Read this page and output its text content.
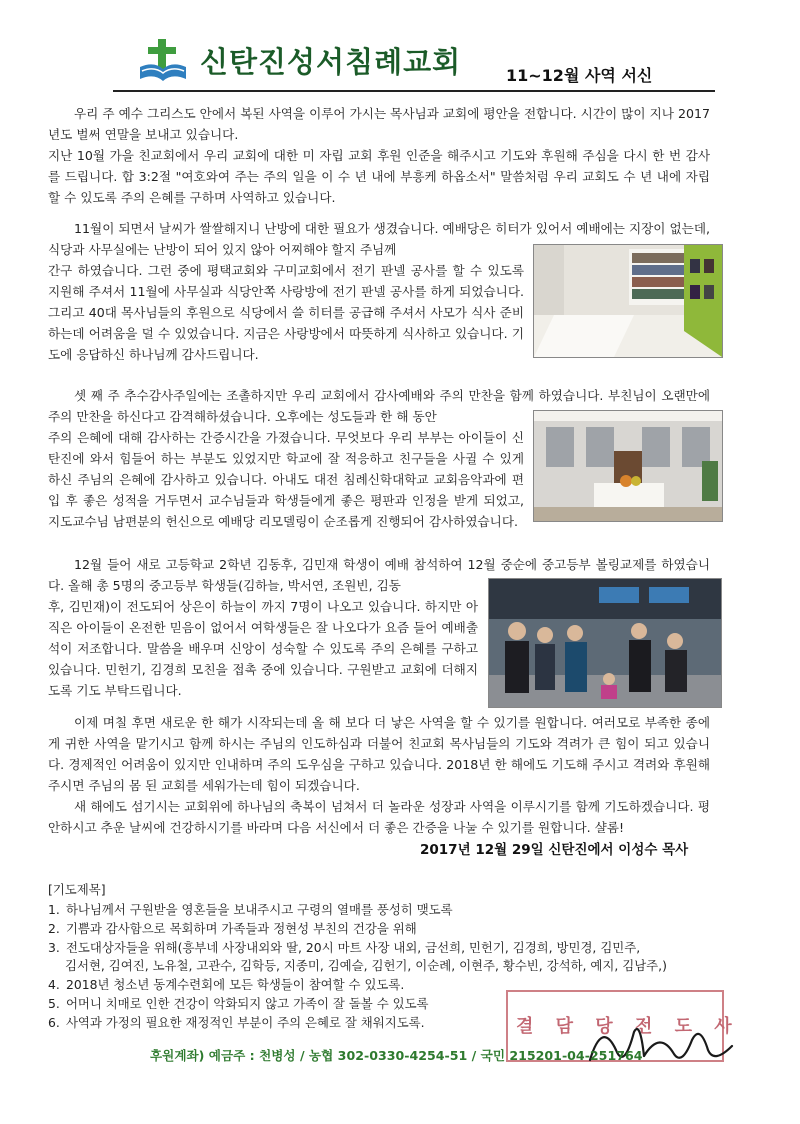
신탄진성서침례교회	11~12월 사역 서신

우리 주 예수 그리스도 안에서 복된 사역을 이루어 가시는 목사님과 교회에 평안을 전합니다. 시간이 많이 지나 2017년도 벌써 연말을 보내고 있습니다.

지난 10월 가을 친교회에서 우리 교회에 대한 미 자립 교회 후원 인준을 해주시고 기도와 후원해 주심을 다시 한 번 감사를 드립니다. 합 3:2절 "여호와여 주는 주의 일을 이 수 년 내에 부흥케 하옵소서" 말씀처럼 우리 교회도 수 년 내에 자립할 수 있도록 주의 은혜를 구하며 사역하고 있습니다.

11월이 되면서 날씨가 쌀쌀해지니 난방에 대한 필요가 생겼습니다. 예배당은 히터가 있어서 예배에는 지장이 없는데, 식당과 사무실에는 난방이 되어 있지 않아 어찌해야 할지 주님께

간구 하였습니다. 그런 중에 평택교회와 구미교회에서 전기 판넬 공사를 할 수 있도록 지원해 주셔서 11월에 사무실과 식당안쪽 사랑방에 전기 판넬 공사를 하게 되었습니다. 그리고 40대 목사님들의 후원으로 식당에서 쓸 히터를 공급해 주셔서 사모가 식사 준비하는데 어려움을 덜 수 있었습니다. 지금은 사랑방에서 따뜻하게 식사하고 있습니다. 기도에 응답하신 하나님께 감사드립니다.

셋 째 주 추수감사주일에는 조촐하지만 우리 교회에서 감사예배와 주의 만찬을 함께 하였습니다. 부친님이 오랜만에 주의 만찬을 하신다고 감격해하셨습니다. 오후에는 성도들과 한 해 동안

주의 은혜에 대해 감사하는 간증시간을 가졌습니다. 무엇보다 우리 부부는 아이들이 신탄진에 와서 힘들어 하는 부분도 있었지만 학교에 잘 적응하고 친구들을 사귈 수 있게 하신 주님의 은혜에 감사하고 있습니다. 아내도 대전 침례신학대학교 교회음악과에 편입 후 좋은 성적을 거두면서 교수님들과 학생들에게 좋은 평판과 인정을 받게 되었고, 지도교수님 남편분의 헌신으로 예배당 리모델링이 순조롭게 진행되어 감사하였습니다.

12월 들어 새로 고등학교 2학년 김동후, 김민재 학생이 예배 참석하여 12월 중순에 중고등부 볼링교제를 하였습니다. 올해 총 5명의 중고등부 학생들(김하늘, 박서연, 조원빈, 김동

후, 김민재)이 전도되어 상은이 하늘이 까지 7명이 나오고 있습니다. 하지만 아직은 아이들이 온전한 믿음이 없어서 여학생들은 잘 나오다가 요즘 들어 예배출석이 저조합니다. 말씀을 배우며 신앙이 성숙할 수 있도록 주의 은혜를 구하고 있습니다. 민헌기, 김경희 모친을 접촉 중에 있습니다. 구원받고 교회에 더해지도록 기도 부탁드립니다.

이제 며칠 후면 새로운 한 해가 시작되는데 올 해 보다 더 낳은 사역을 할 수 있기를 원합니다. 여러모로 부족한 종에게 귀한 사역을 맡기시고 함께 하시는 주님의 인도하심과 더불어 친교회 목사님들의 기도와 격려가 큰 힘이 되고 있습니다. 경제적인 어려움이 있지만 인내하며 주의 도우심을 구하고 있습니다. 2018년 한 해에도 기도해 주시고 격려와 후원해 주시면 주님의 몸 된 교회를 세워가는데 힘이 되겠습니다.

새 해에도 섬기시는 교회위에 하나님의 축복이 넘쳐서 더 놀라운 성장과 사역을 이루시기를 함께 기도하겠습니다. 평안하시고 추운 날씨에 건강하시기를 바라며 다음 서신에서 더 좋은 간증을 나눌 수 있기를 원합니다. 샬롬!

2017년 12월 29일 신탄진에서 이성수 목사
[기도제목]
1. 하나님께서 구원받을 영혼들을 보내주시고 구령의 열매를 풍성히 맺도록
2. 기쁨과 감사함으로 목회하며 가족들과 정현성 부친의 건강을 위해
3. 전도대상자들을 위해(흥부네 사장내외와 딸, 20시 마트 사장 내외, 금선희, 민헌기, 김경희, 방민경, 김민주,
김서현, 김여진, 노유철, 고관수, 김학등, 지종미, 김예슬, 김헌기, 이순례, 이현주, 황수빈, 강석하, 예지, 김남주,)
4. 2018년 청소년 동계수련회에 모든 학생들이 참여할 수 있도록.
5. 어머니 치매로 인한 건강이 악화되지 않고 가족이 잘 돌볼 수 있도록
6. 사역과 가정의 필요한 재정적인 부분이 주의 은혜로 잘 채워지도록.	결 담 당 전 도 사
후원계좌) 예금주 : 천병성 / 농협 302-0330-4254-51 / 국민 215201-04-251764
